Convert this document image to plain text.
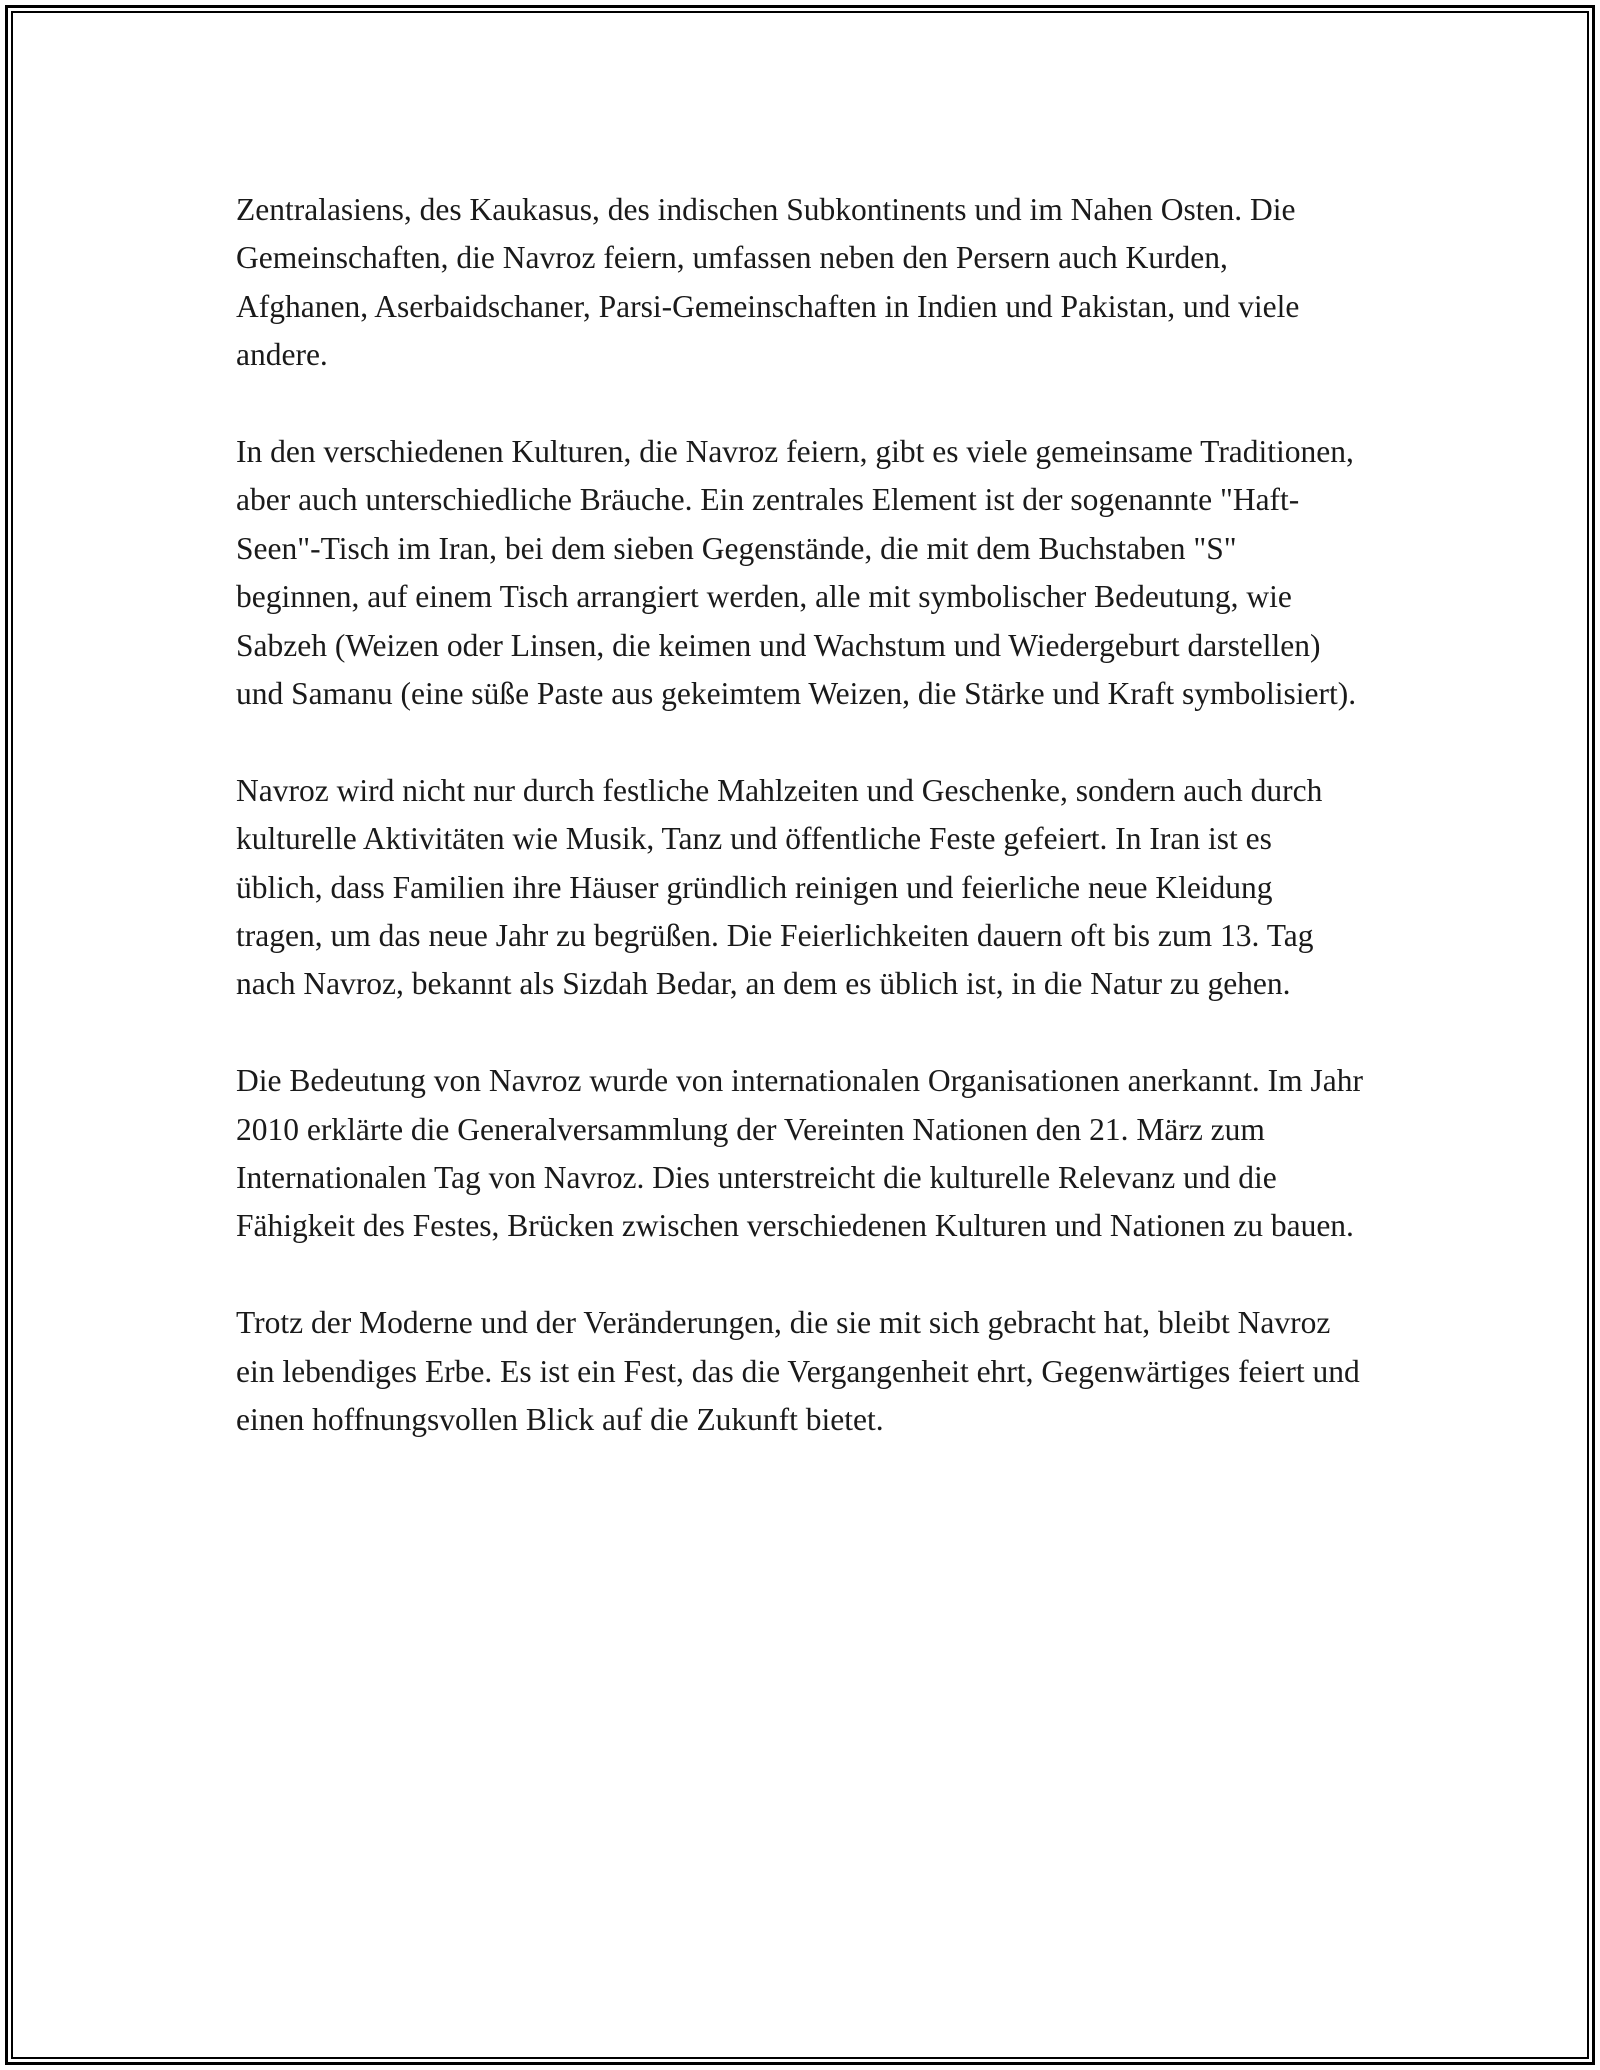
Zentralasiens, des Kaukasus, des indischen Subkontinents und im Nahen Osten. Die Gemeinschaften, die Navroz feiern, umfassen neben den Persern auch Kurden, Afghanen, Aserbaidschaner, Parsi-Gemeinschaften in Indien und Pakistan, und viele andere.

In den verschiedenen Kulturen, die Navroz feiern, gibt es viele gemeinsame Traditionen, aber auch unterschiedliche Bräuche. Ein zentrales Element ist der sogenannte "Haft-Seen"-Tisch im Iran, bei dem sieben Gegenstände, die mit dem Buchstaben "S" beginnen, auf einem Tisch arrangiert werden, alle mit symbolischer Bedeutung, wie Sabzeh (Weizen oder Linsen, die keimen und Wachstum und Wiedergeburt darstellen) und Samanu (eine süße Paste aus gekeimtem Weizen, die Stärke und Kraft symbolisiert).

Navroz wird nicht nur durch festliche Mahlzeiten und Geschenke, sondern auch durch kulturelle Aktivitäten wie Musik, Tanz und öffentliche Feste gefeiert. In Iran ist es üblich, dass Familien ihre Häuser gründlich reinigen und feierliche neue Kleidung tragen, um das neue Jahr zu begrüßen. Die Feierlichkeiten dauern oft bis zum 13. Tag nach Navroz, bekannt als Sizdah Bedar, an dem es üblich ist, in die Natur zu gehen.

Die Bedeutung von Navroz wurde von internationalen Organisationen anerkannt. Im Jahr 2010 erklärte die Generalversammlung der Vereinten Nationen den 21. März zum Internationalen Tag von Navroz. Dies unterstreicht die kulturelle Relevanz und die Fähigkeit des Festes, Brücken zwischen verschiedenen Kulturen und Nationen zu bauen.

Trotz der Moderne und der Veränderungen, die sie mit sich gebracht hat, bleibt Navroz ein lebendiges Erbe. Es ist ein Fest, das die Vergangenheit ehrt, Gegenwärtiges feiert und einen hoffnungsvollen Blick auf die Zukunft bietet.
